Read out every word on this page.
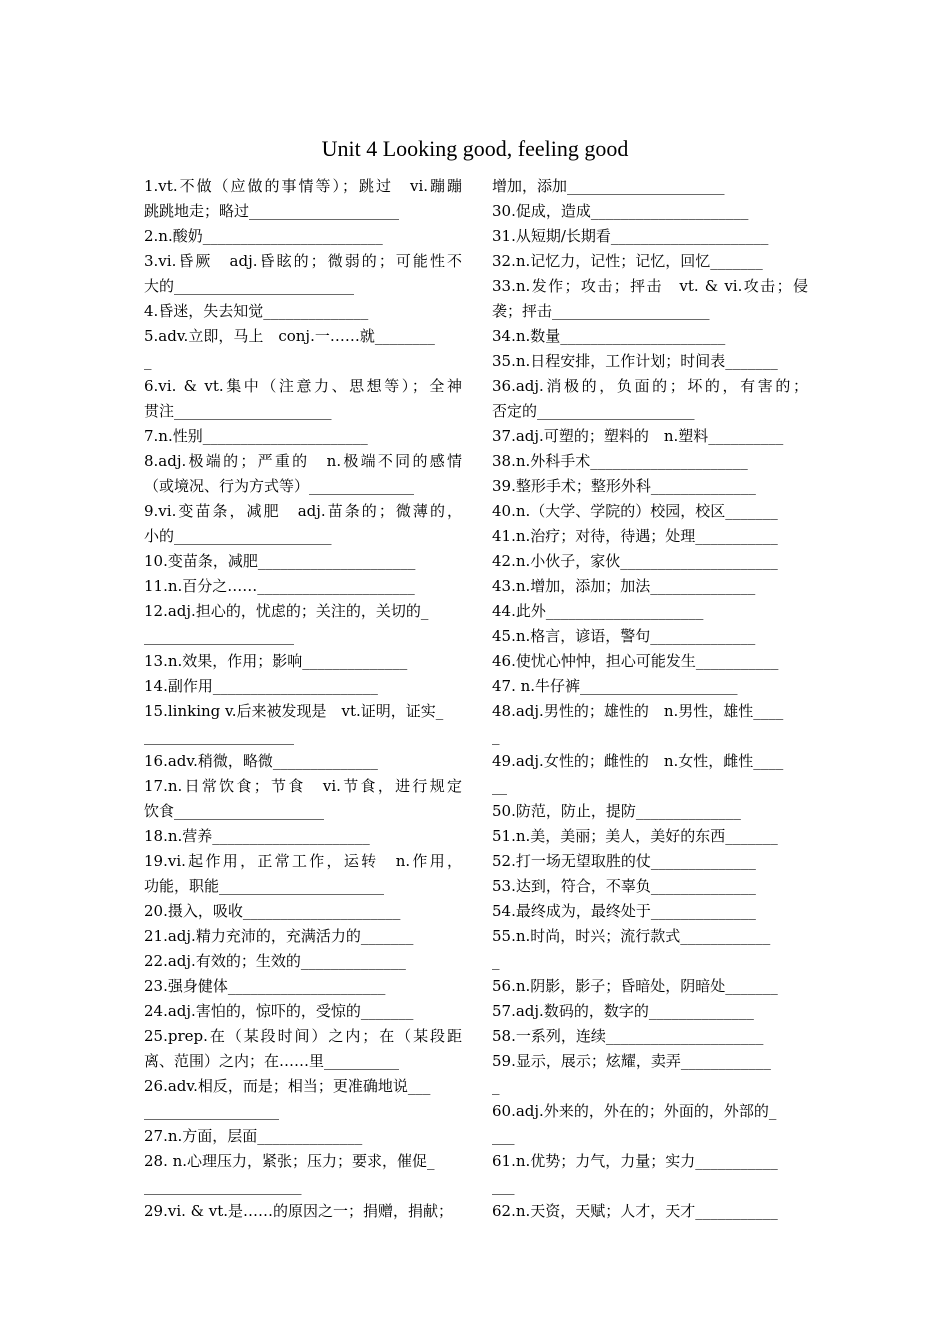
Unit 4 Looking good, feeling good
1.vt.不做（应做的事情等）；跳过　vi.蹦蹦
跳跳地走；略过____________________
2.n.酸奶________________________
3.vi.昏厥　adj.昏眩的；微弱的；可能性不
大的________________________
4.昏迷，失去知觉______________
5.adv.立即，马上　conj.一……就________
_
6.vi. & vt.集中（注意力、思想等）；全神
贯注_____________________
7.n.性别______________________
8.adj.极端的；严重的　n.极端不同的感情
（或境况、行为方式等）______________
9.vi.变苗条，减肥　adj.苗条的；微薄的，
小的_____________________
10.变苗条，减肥_____________________
11.n.百分之……_____________________
12.adj.担心的，忧虑的；关注的，关切的_
____________________
13.n.效果，作用；影响______________
14.副作用______________________
15.linking v.后来被发现是　vt.证明，证实_
____________________
16.adv.稍微，略微______________
17.n.日常饮食；节食　vi.节食，进行规定
饮食____________________
18.n.营养_____________________
19.vi.起作用，正常工作，运转　n.作用，
功能，职能______________________
20.摄入，吸收_____________________
21.adj.精力充沛的，充满活力的_______
22.adj.有效的；生效的______________
23.强身健体_____________________
24.adj.害怕的，惊吓的，受惊的_______
25.prep.在（某段时间）之内；在（某段距
离、范围）之内；在……里__________
26.adv.相反，而是；相当；更准确地说___
__________________
27.n.方面，层面______________
28. n.心理压力，紧张；压力；要求，催促_
_____________________
29.vi. & vt.是……的原因之一；捐赠，捐献；
增加，添加_____________________
30.促成，造成_____________________
31.从短期/长期看_____________________
32.n.记忆力，记性；记忆，回忆_______
33.n.发作；攻击；抨击　vt. & vi.攻击；侵
袭；抨击_____________________
34.n.数量______________________
35.n.日程安排，工作计划；时间表_______
36.adj.消极的，负面的；坏的，有害的；
否定的_____________________
37.adj.可塑的；塑料的　n.塑料__________
38.n.外科手术_____________________
39.整形手术；整形外科______________
40.n.（大学、学院的）校园，校区_______
41.n.治疗；对待，待遇；处理___________
42.n.小伙子，家伙_____________________
43.n.增加，添加；加法______________
44.此外_____________________
45.n.格言，谚语，警句______________
46.使忧心忡忡，担心可能发生___________
47. n.牛仔裤_____________________
48.adj.男性的；雄性的　n.男性，雄性____
_
49.adj.女性的；雌性的　n.女性，雌性____
__
50.防范，防止，提防______________
51.n.美，美丽；美人，美好的东西_______
52.打一场无望取胜的仗______________
53.达到，符合，不辜负______________
54.最终成为，最终处于______________
55.n.时尚，时兴；流行款式____________
_
56.n.阴影，影子；昏暗处，阴暗处_______
57.adj.数码的，数字的______________
58.一系列，连续_____________________
59.显示，展示；炫耀，卖弄____________
_
60.adj.外来的，外在的；外面的，外部的_
___
61.n.优势；力气，力量；实力___________
___
62.n.天资，天赋；人才，天才___________
